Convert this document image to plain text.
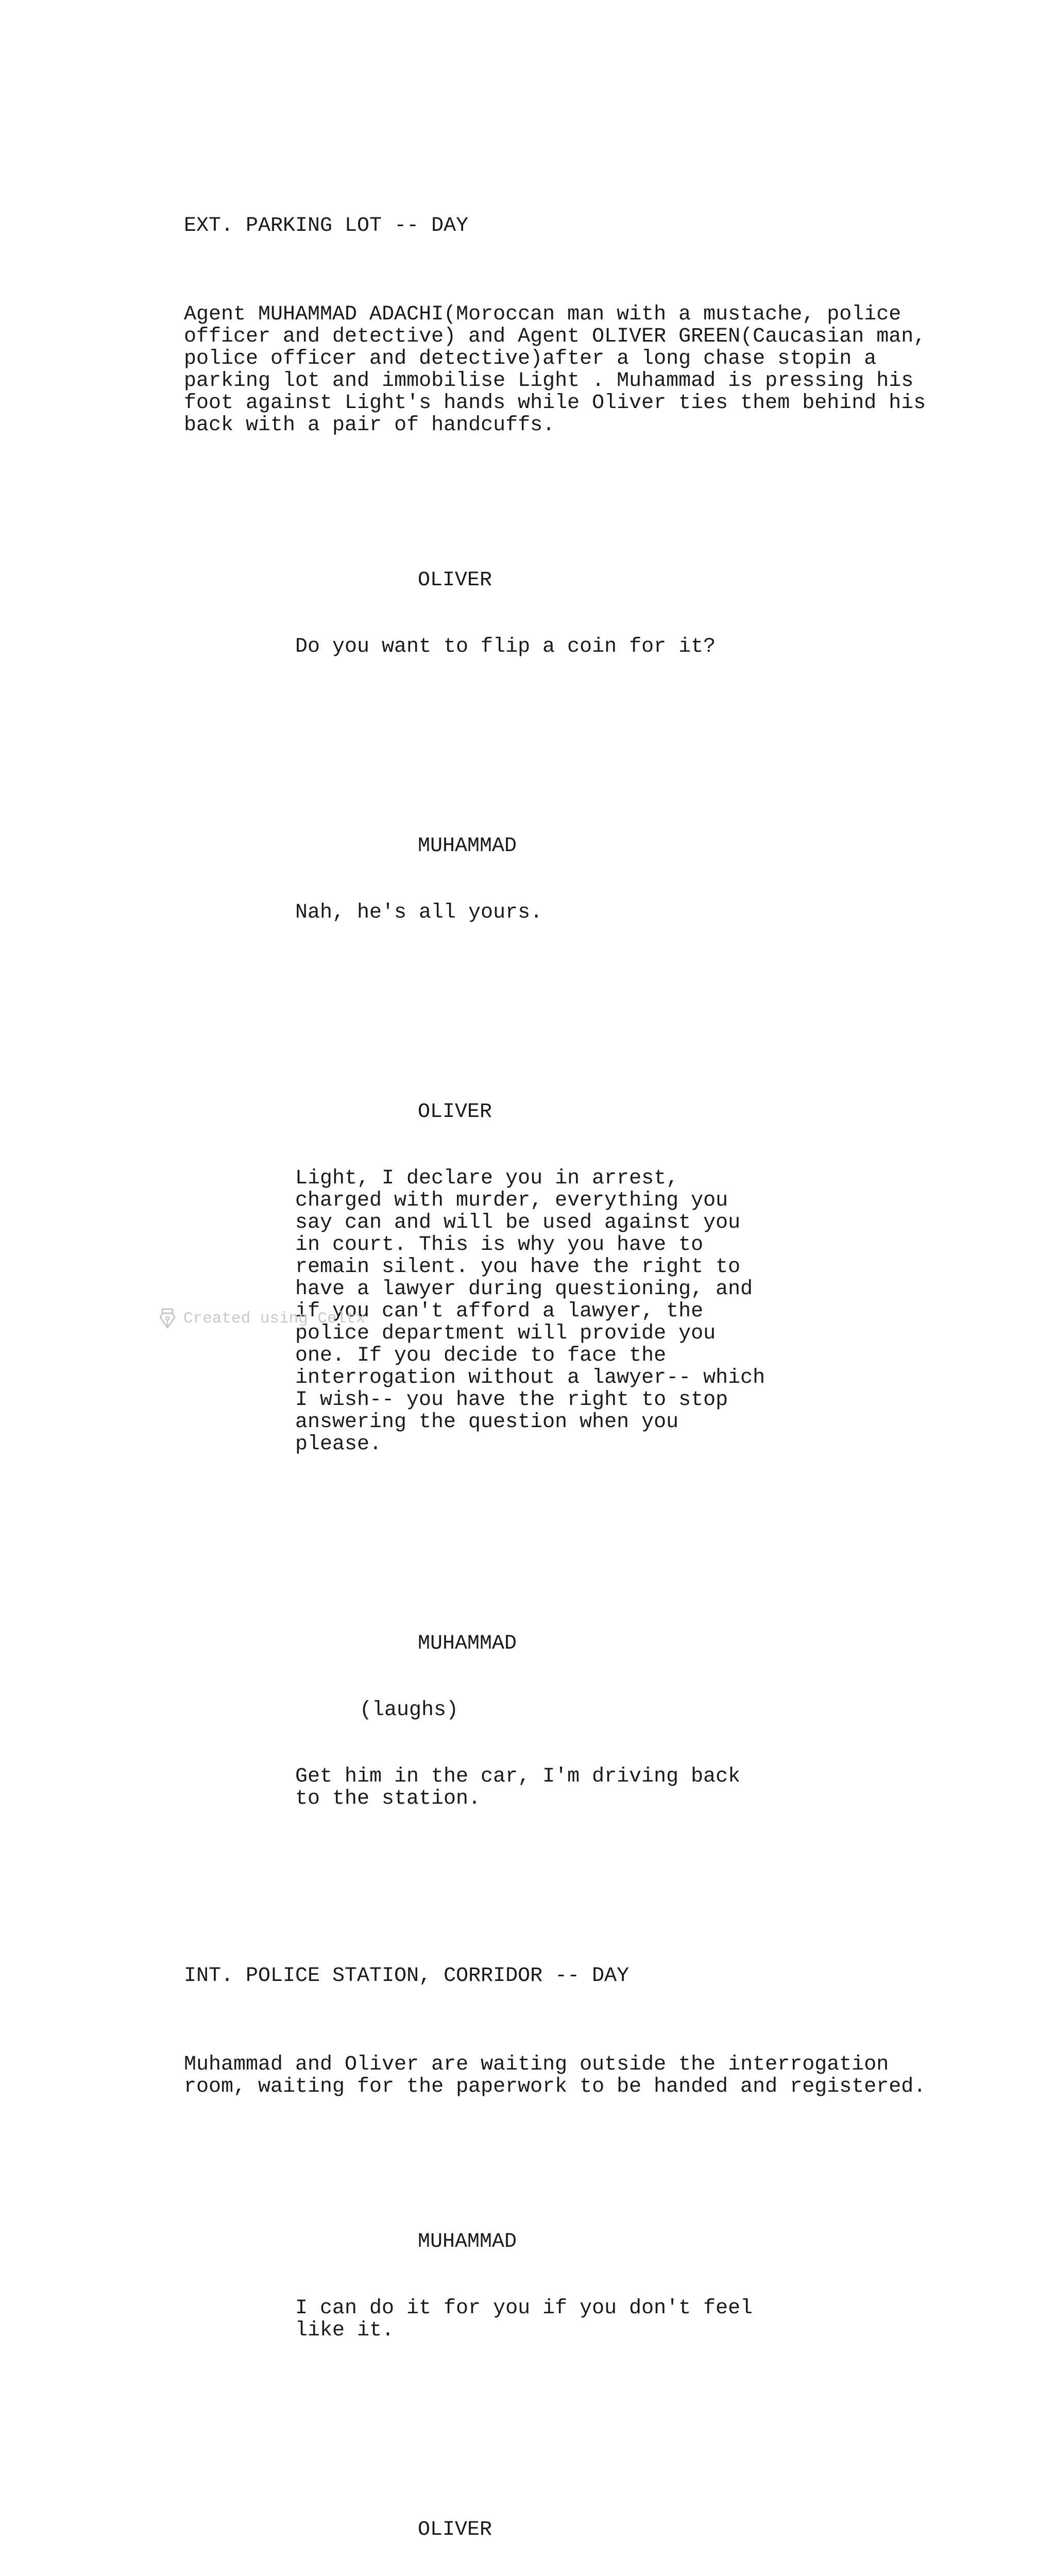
EXT. PARKING LOT -- DAY

Agent MUHAMMAD ADACHI(Moroccan man with a mustache, police
officer and detective) and Agent OLIVER GREEN(Caucasian man,
police officer and detective)after a long chase stopin a
parking lot and immobilise Light . Muhammad is pressing his
foot against Light's hands while Oliver ties them behind his
back with a pair of handcuffs.

OLIVER

Do you want to flip a coin for it?

MUHAMMAD

Nah, he's all yours.

OLIVER

Light, I declare you in arrest,
charged with murder, everything you
say can and will be used against you
in court. This is why you have to
remain silent. you have the right to
have a lawyer during questioning, and
if you can't afford a lawyer, the
police department will provide you
one. If you decide to face the
interrogation without a lawyer-- which
I wish-- you have the right to stop
answering the question when you
please.

MUHAMMAD

(laughs)

Get him in the car, I'm driving back
to the station.

INT. POLICE STATION, CORRIDOR -- DAY

Muhammad and Oliver are waiting outside the interrogation
room, waiting for the paperwork to be handed and registered.

MUHAMMAD

I can do it for you if you don't feel
like it.

OLIVER

Created using Celtx
